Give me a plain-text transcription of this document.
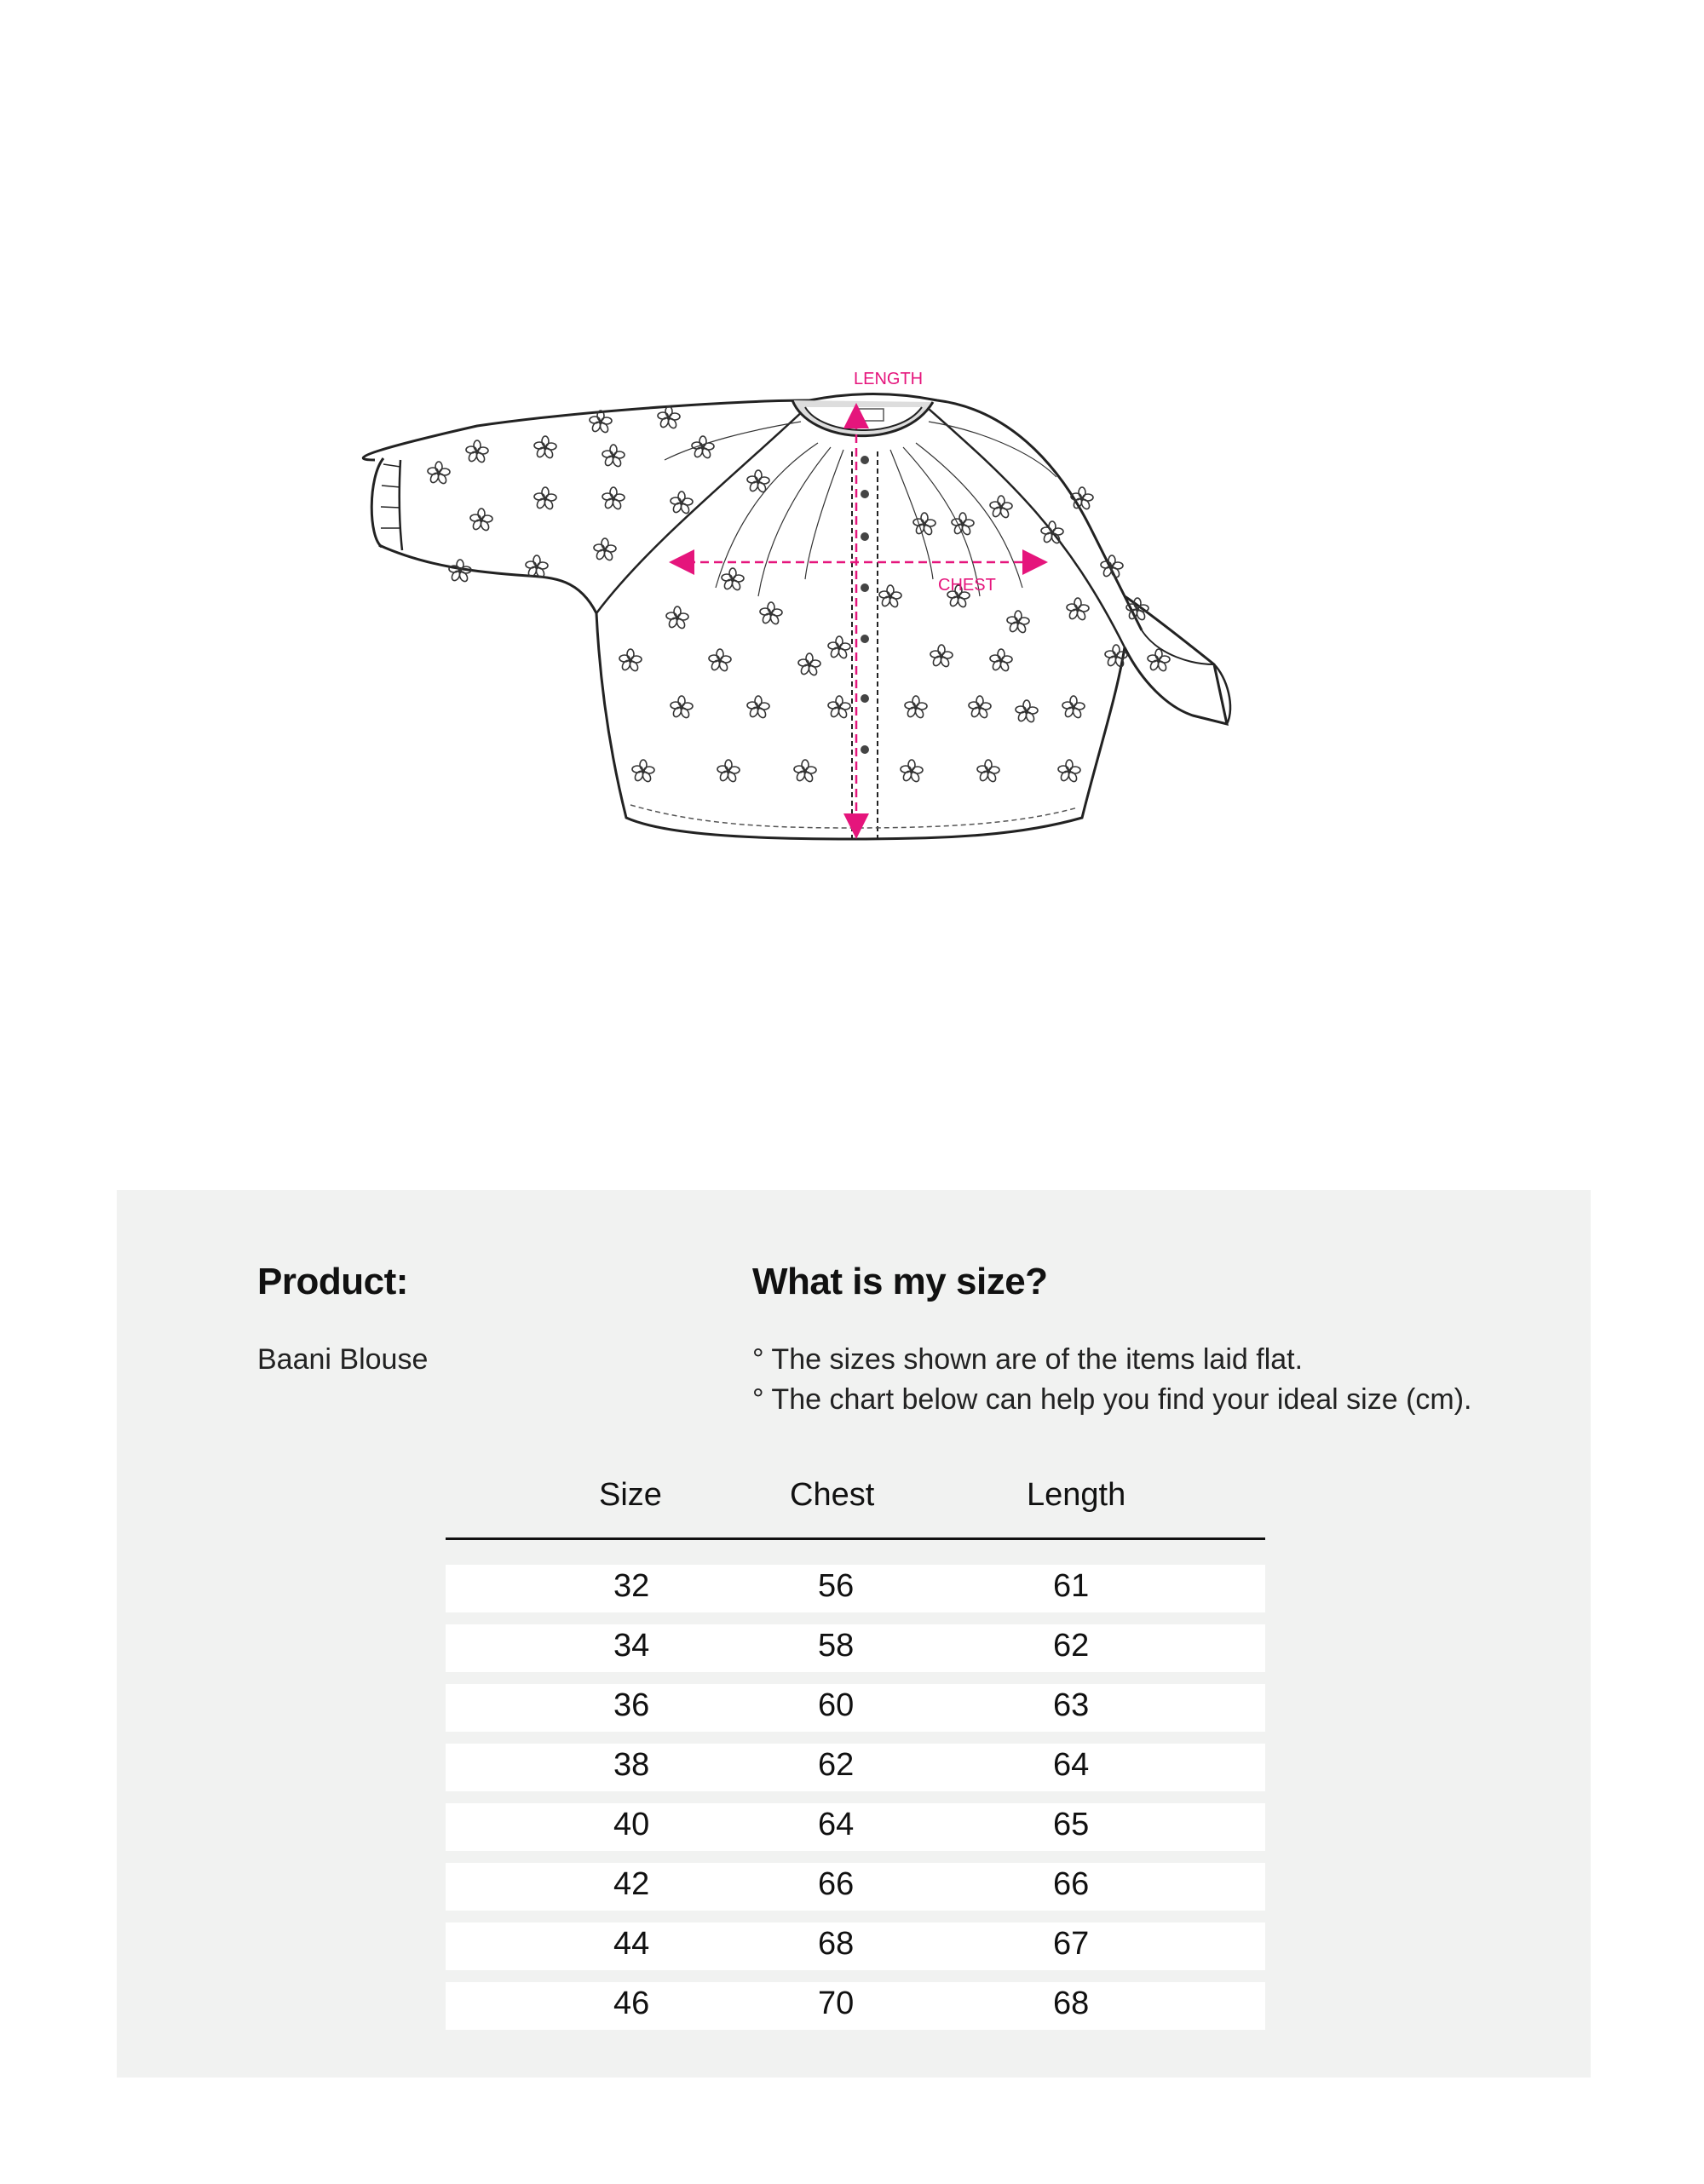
LENGTH
CHEST
Product:
Baani Blouse
What is my size?
° The sizes shown are of the items laid flat.
° The chart below can help you find your ideal size (cm).
Size	Chest	Length
32	56	61
34	58	62
36	60	63
38	62	64
40	64	65
42	66	66
44	68	67
46	70	68
